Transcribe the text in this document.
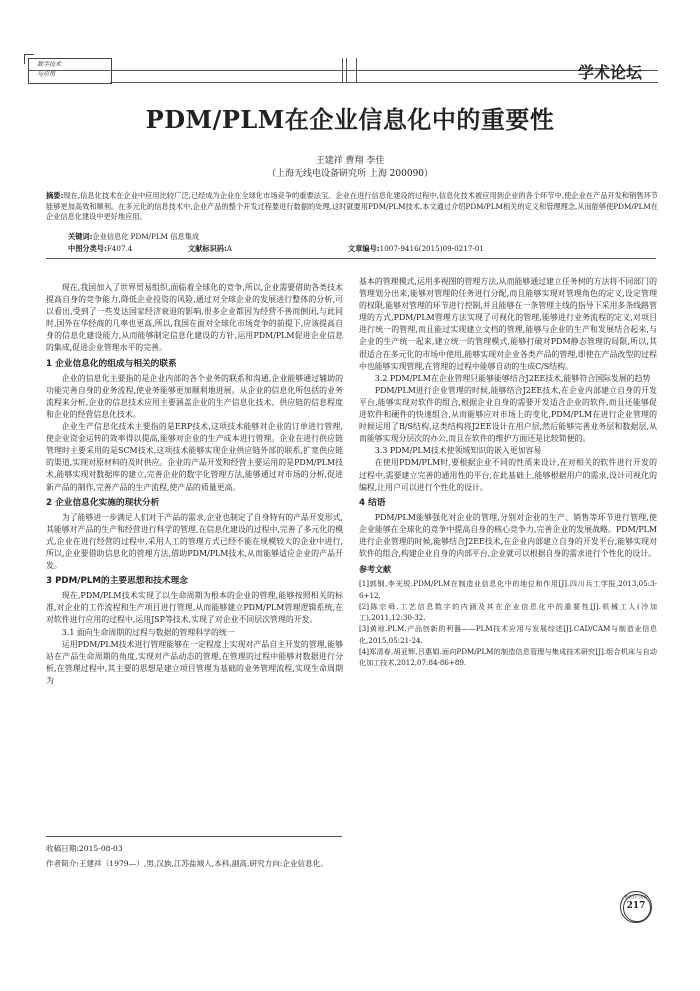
数字技术
与应用	学术论坛
PDM/PLM在企业信息化中的重要性
王建祥 曹翔 李佳
（上海无线电设备研究所 上海 200090）
摘要:现在,信息化技术在企业中应用比较广泛,已经成为企业在全球化市场竞争的重要法宝。企业在进行信息化建设的过程中,信息化技术被应用到企业的各个环节中,使企业在产品开发和销售环节能够更加高效和顺利。在多元化的信息技术中,企业产品的整个开发过程要进行数据的处理,这时就要用PDM/PLM技术,本文通过介绍PDM/PLM相关的定义和管理理念,从而能够使PDM/PLM在企业信息化建设中更好地应用。
关键词:企业信息化 PDM/PLM 信息集成
中图分类号:F407.4	文献标识码:A	文章编号:1007-9416(2015)09-0217-01

现在,我国加入了世界贸易组织,面临着全球化的竞争,所以,企业需要借助各类技术提高自身的竞争能力,降低企业投资的风险,通过对全球企业的发展进行整体的分析,可以看出,受到了一些发达国家经济衰退的影响,很多企业都因为经营不善而倒闭,与此同时,国外在华经商的几率也更高,所以,我国在面对全球化市场竞争的前提下,应该提高自身的信息化建设能力,从而能够制定信息化建设的方针,运用PDM/PLM促进企业信息的集成,促进企业管理水平的完善。

1 企业信息化的组成与相关的联系

企业的信息化主要指的是企业内部的各个业务的联系和沟通,企业能够通过辅助的功能完善自身的业务流程,使业务能够更加顺利地进展。从企业的信息化所包括的业务流程来分析,企业的信息技术应用主要涵盖企业的生产信息化技术、供应链的信息程度和企业的经营信息化技术。

企业生产信息化技术主要指的是ERP技术,这项技术能够对企业的订单进行管理,使企业资金运转的效率得以提高,能够对企业的生产成本进行管理。企业在进行供应链管理时主要采用的是SCM技术,这项技术能够实现企业供应链外部的联系,扩宽供应链的渠道,实现对原材料的及时供应。企业的产品开发和经营主要运用的是PDM/PLM技术,能够实现对数据库的建立,完善企业的数字化管理方法,能够通过对市场的分析,促进新产品的制作,完善产品的生产流程,使产品的质量更高。

2 企业信息化实施的现状分析

为了能够进一步满足人们对于产品的需求,企业也制定了自身特有的产品开发形式,其能够对产品的生产和经营进行科学的管理,在信息化建设的过程中,完善了多元化的模式,企业在进行经营的过程中,采用人工的管理方式已经不能在规模较大的企业中进行,所以,企业要借助信息化的管理方法,借助PDM/PLM技术,从而能够适应企业的产品开发。

3 PDM/PLM的主要思想和技术理念

现在,PDM/PLM技术实现了以生命周期为根本的企业的管理,能够按照相关的标准,对企业的工作流程和生产项目进行管理,从而能够建立PDM/PLM管理逻辑系统,在对软件进行应用的过程中,运用JSP等技术,实现了对企业不同层次管理的开发。

3.1 面向生命周期的过程与数据的管理科学的统一

运用PDM/PLM技术进行管理能够在一定程度上实现对产品自主开发的管理,能够站在产品生命周期的角度,实现对产品动态的管理,在管理的过程中能够对数据进行分析,在管理过程中,其主要的思想是建立项目管理为基础的业务管理流程,实现生命周期为

基本的管理模式,运用多视图的管理方法,从而能够通过建立任务树的方法将不同部门的管理划分出来,能够对管理的任务进行分配,而且能够实现对管理角色的定义,设定管理的权限,能够对管理的环节进行控制,并且能够在一条管理主线的指导下采用多条线路管理的方式,PDM/PLM管理方法实现了可视化的管理,能够进行业务流程的定义,对项目进行统一的管理,而且能过实现建立文档的管理,能够与企业的生产和发展结合起来,与企业的生产统一起来,建立统一的管理模式,能够打破对PDM静态管理的局限,所以,其很适合在多元化的市场中使用,能够实现对企业各类产品的管理,即使在产品改型的过程中也能够实现管理,在管理的过程中能够自动的生成C/S结构。

3.2 PDM/PLM在企业管理只能够能够结合J2EE技术,能够符合国际发展的趋势

PDM/PLM进行企业管理的时候,能够结合J2EE技术,在企业内部建立自身的开发平台,能够实现对软件的组合,根据企业自身的需要开发适合企业的软件,而且还能够促进软件和硬件的快速组合,从而能够应对市场上的变化,PDM/PLM在进行企业管理的时候运用了B/S结构,这类结构将J2EE设计在用户层,然后能够完善业务层和数据层,从而能够实现分层次的办公,而且在软件的维护方面还是比较简便的。

3.3 PDM/PLM技术使领域知识的嵌入更加容易

在使用PDM/PLM时,要根据企业不同的性质来设计,在对相关的软件进行开发的过程中,需要建立完善的通用性的平台,在此基础上,能够根据用户的需求,设计可视化的编程,让用户可以进行个性化的设计。

4 结语

PDM/PLM能够强化对企业的管理,分别对企业的生产、销售等环节进行管理,使企业能够在全球化的竞争中提高自身的核心竞争力,完善企业的发展战略。PDM/PLM进行企业管理的时候,能够结合J2EE技术,在企业内部建立自身的开发平台,能够实现对软件的组合,构建企业自身的内部平台,企业就可以根据自身的需求进行个性化的设计。

参考文献

[1]郭钢,李光锐.PDM/PLM在制造业信息化中的地位和作用[J].四川兵工学报,2013,05:3-6+12.

[2]陈宗舜.工艺信息数字的内涵及其在企业信息化中的重要性[J].机械工人(冷加工),2011,12:30-32.

[3]黄琼.PLM,产品创新的利器——PLM技术应用与发展综述[J].CAD/CAM与制造业信息化,2015,05:21-24.

[4]郑清春,胡亚辉,吕惠娟.面向PDM/PLM的制造信息管理与集成技术研究[J].组合机床与自动化加工技术,2012,07:84-86+89.

收稿日期:2015-08-03
作者简介:王建祥（1979—）,男,汉族,江苏盐城人,本科,副高,研究方向:企业信息化。
数字技术与应用
217
